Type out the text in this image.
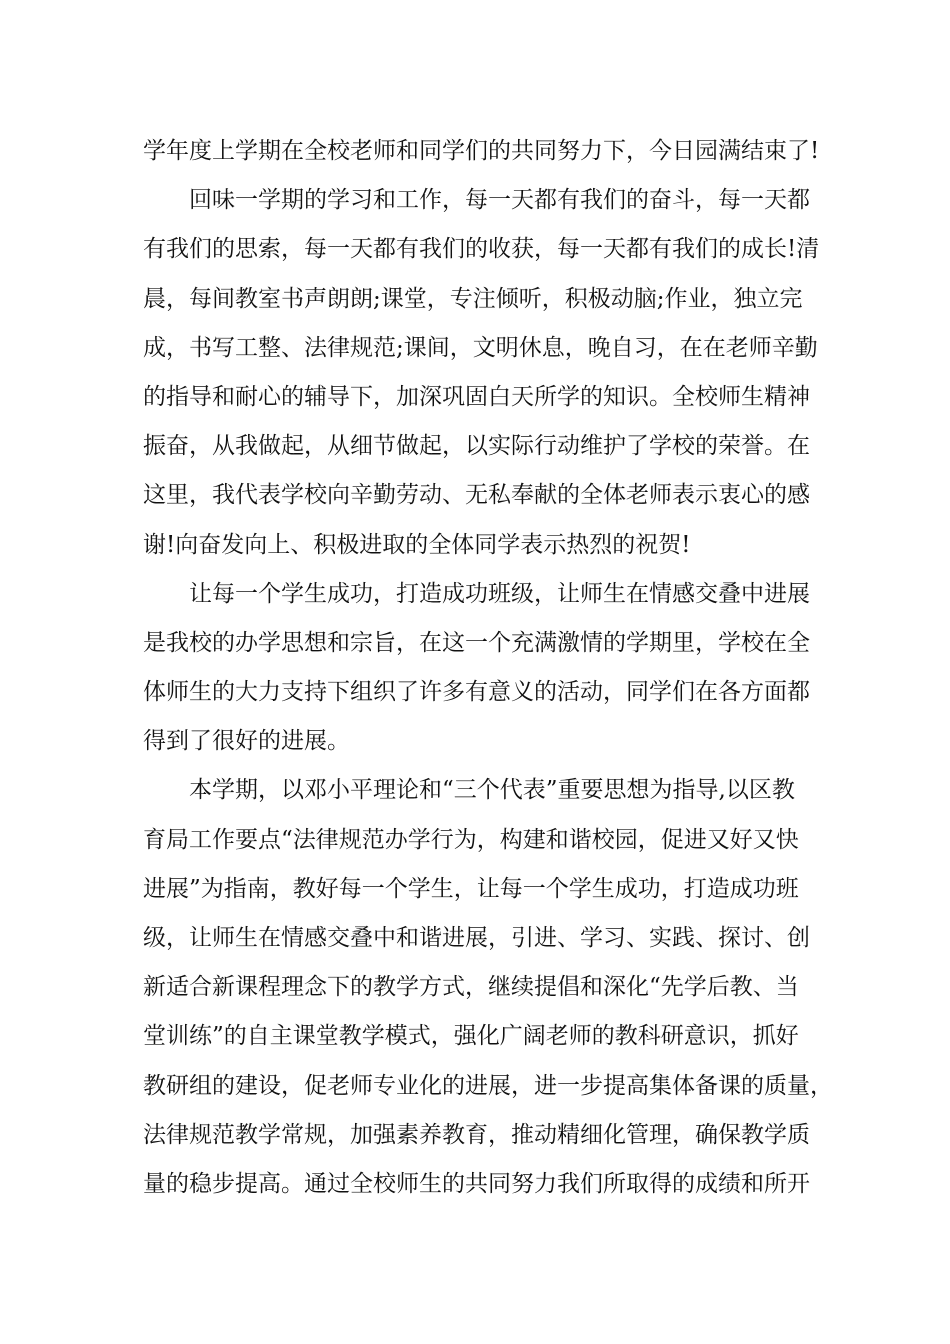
学年度上学期在全校老师和同学们的共同努力下，今日园满结束了!
回味一学期的学习和工作，每一天都有我们的奋斗，每一天都
有我们的思索，每一天都有我们的收获，每一天都有我们的成长!清
晨，每间教室书声朗朗;课堂，专注倾听，积极动脑;作业，独立完
成，书写工整、法律规范;课间，文明休息，晚自习，在在老师辛勤
的指导和耐心的辅导下，加深巩固白天所学的知识。全校师生精神
振奋，从我做起，从细节做起，以实际行动维护了学校的荣誉。在
这里，我代表学校向辛勤劳动、无私奉献的全体老师表示衷心的感
谢!向奋发向上、积极进取的全体同学表示热烈的祝贺!
让每一个学生成功，打造成功班级，让师生在情感交叠中进展
是我校的办学思想和宗旨，在这一个充满激情的学期里，学校在全
体师生的大力支持下组织了许多有意义的活动，同学们在各方面都
得到了很好的进展。
本学期，以邓小平理论和“三个代表”重要思想为指导,以区教
育局工作要点“法律规范办学行为，构建和谐校园，促进又好又快
进展”为指南，教好每一个学生，让每一个学生成功，打造成功班
级，让师生在情感交叠中和谐进展，引进、学习、实践、探讨、创
新适合新课程理念下的教学方式，继续提倡和深化“先学后教、当
堂训练”的自主课堂教学模式，强化广阔老师的教科研意识，抓好
教研组的建设，促老师专业化的进展，进一步提高集体备课的质量，
法律规范教学常规，加强素养教育，推动精细化管理，确保教学质
量的稳步提高。通过全校师生的共同努力我们所取得的成绩和所开
